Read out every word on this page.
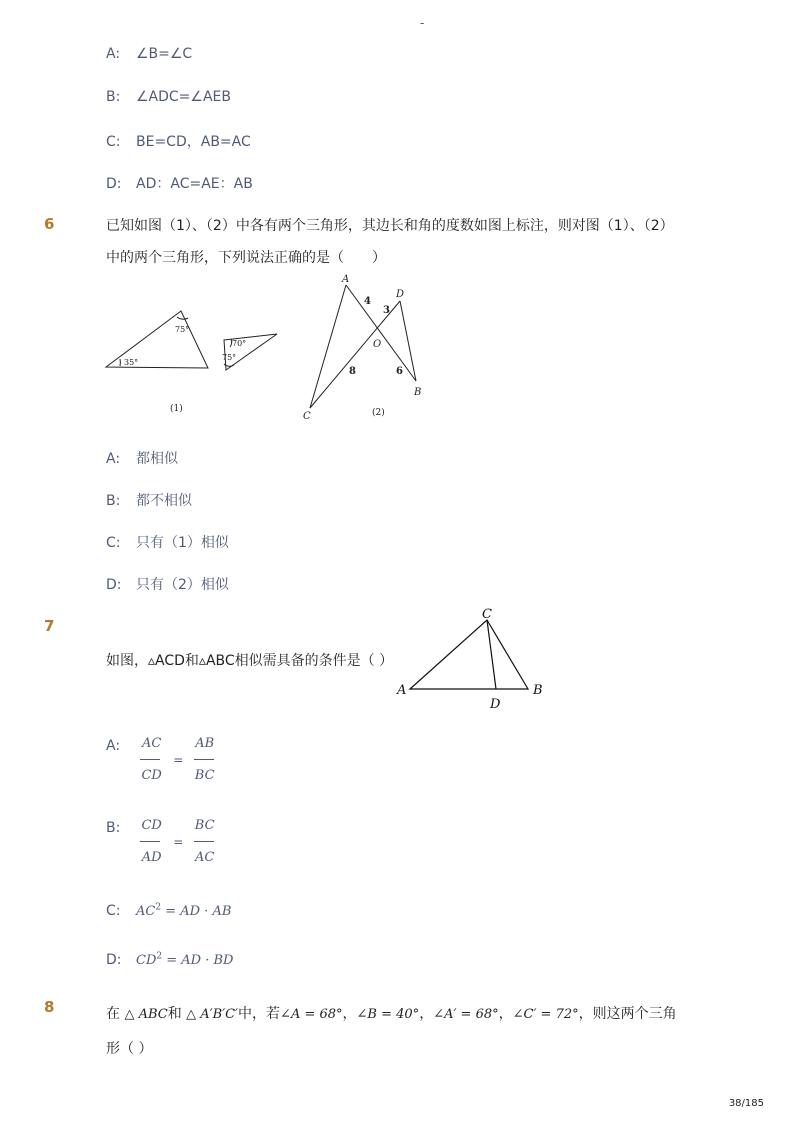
-
A: ∠B=∠C
B: ∠ADC=∠AEB
C: BE=CD，AB=AC
D: AD：AC=AE：AB
6	已知如图（1）、（2）中各有两个三角形，其边长和角的度数如图上标注，则对图（1）、（2）
中的两个三角形，下列说法正确的是（　　）
35°
75°
70°
75°
(1)
A
D
O
C
B
4
3
8	6
(2)
A: 都相似
B: 都不相似
C: 只有（1）相似
D: 只有（2）相似
7
如图，▵ACD和▵ABC相似需具备的条件是（ ）
C
A	B
D
A: $\frac{AC}{CD} = \frac{AB}{BC}$
B: $\frac{CD}{AD} = \frac{BC}{AC}$
C: $AC^2$ = AD · AB
D: $CD^2$ = AD · BD
8	在 △ ABC和 △ A′B′C′中，若∠A = 68°，∠B = 40°，∠A′ = 68°，∠C′ = 72°，则这两个三角
形（ ）
38/185
